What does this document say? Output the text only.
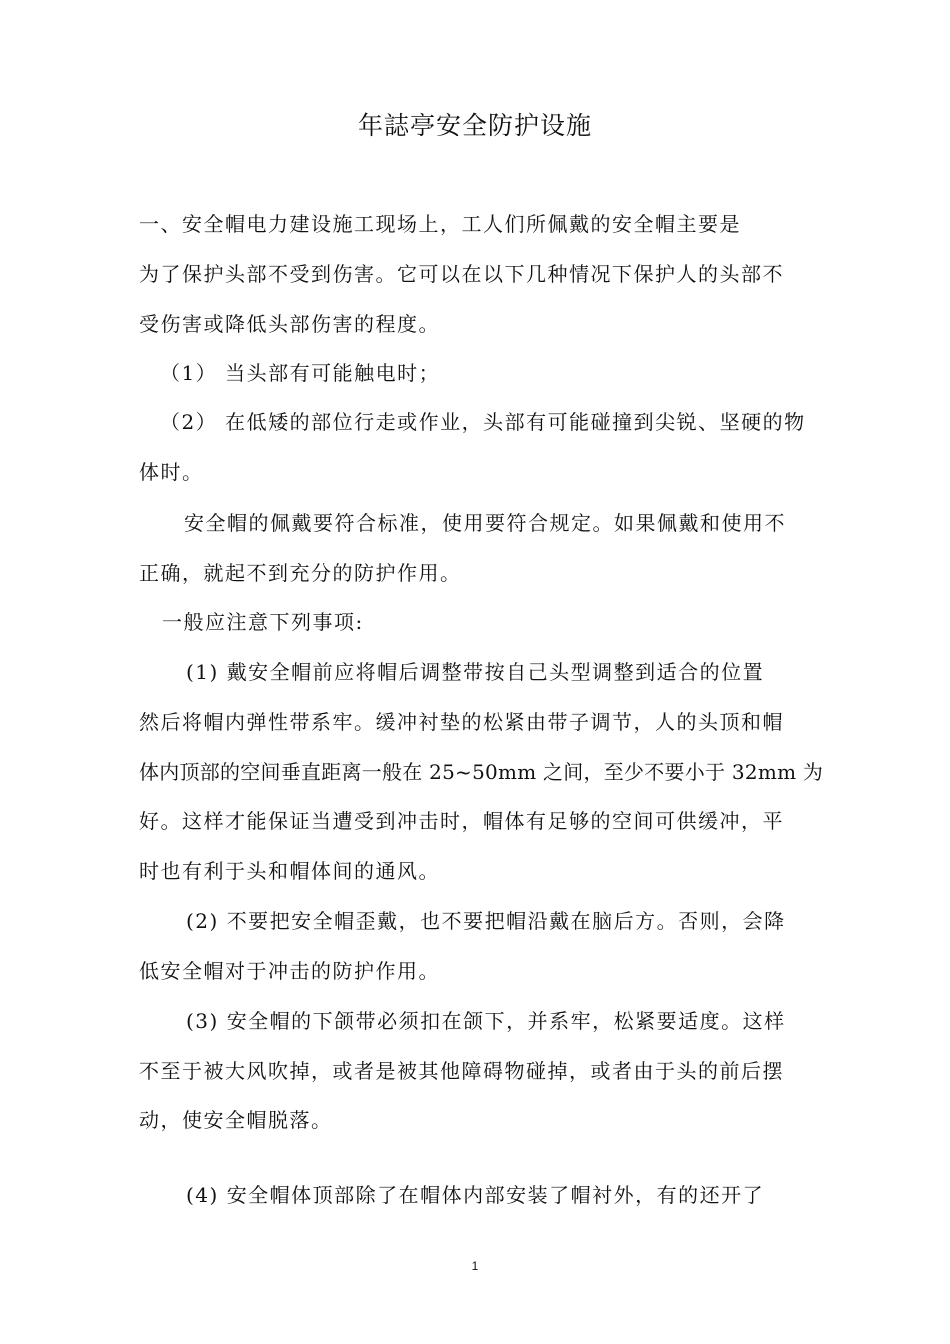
年誌亭安全防护设施
一、安全帽电力建设施工现场上，工人们所佩戴的安全帽主要是
为了保护头部不受到伤害。它可以在以下几种情况下保护人的头部不
受伤害或降低头部伤害的程度。
（1） 当头部有可能触电时；
（2） 在低矮的部位行走或作业，头部有可能碰撞到尖锐、坚硬的物
体时。
安全帽的佩戴要符合标准，使用要符合规定。如果佩戴和使用不
正确，就起不到充分的防护作用。
一般应注意下列事项:
(1) 戴安全帽前应将帽后调整带按自己头型调整到适合的位置
然后将帽内弹性带系牢。缓冲衬垫的松紧由带子调节，人的头顶和帽
体内顶部的空间垂直距离一般在 25~50mm 之间，至少不要小于 32mm 为
好。这样才能保证当遭受到冲击时，帽体有足够的空间可供缓冲，平
时也有利于头和帽体间的通风。
(2) 不要把安全帽歪戴，也不要把帽沿戴在脑后方。否则，会降
低安全帽对于冲击的防护作用。
(3) 安全帽的下颌带必须扣在颌下，并系牢，松紧要适度。这样
不至于被大风吹掉，或者是被其他障碍物碰掉，或者由于头的前后摆
动，使安全帽脱落。
(4) 安全帽体顶部除了在帽体内部安装了帽衬外，有的还开了
1
